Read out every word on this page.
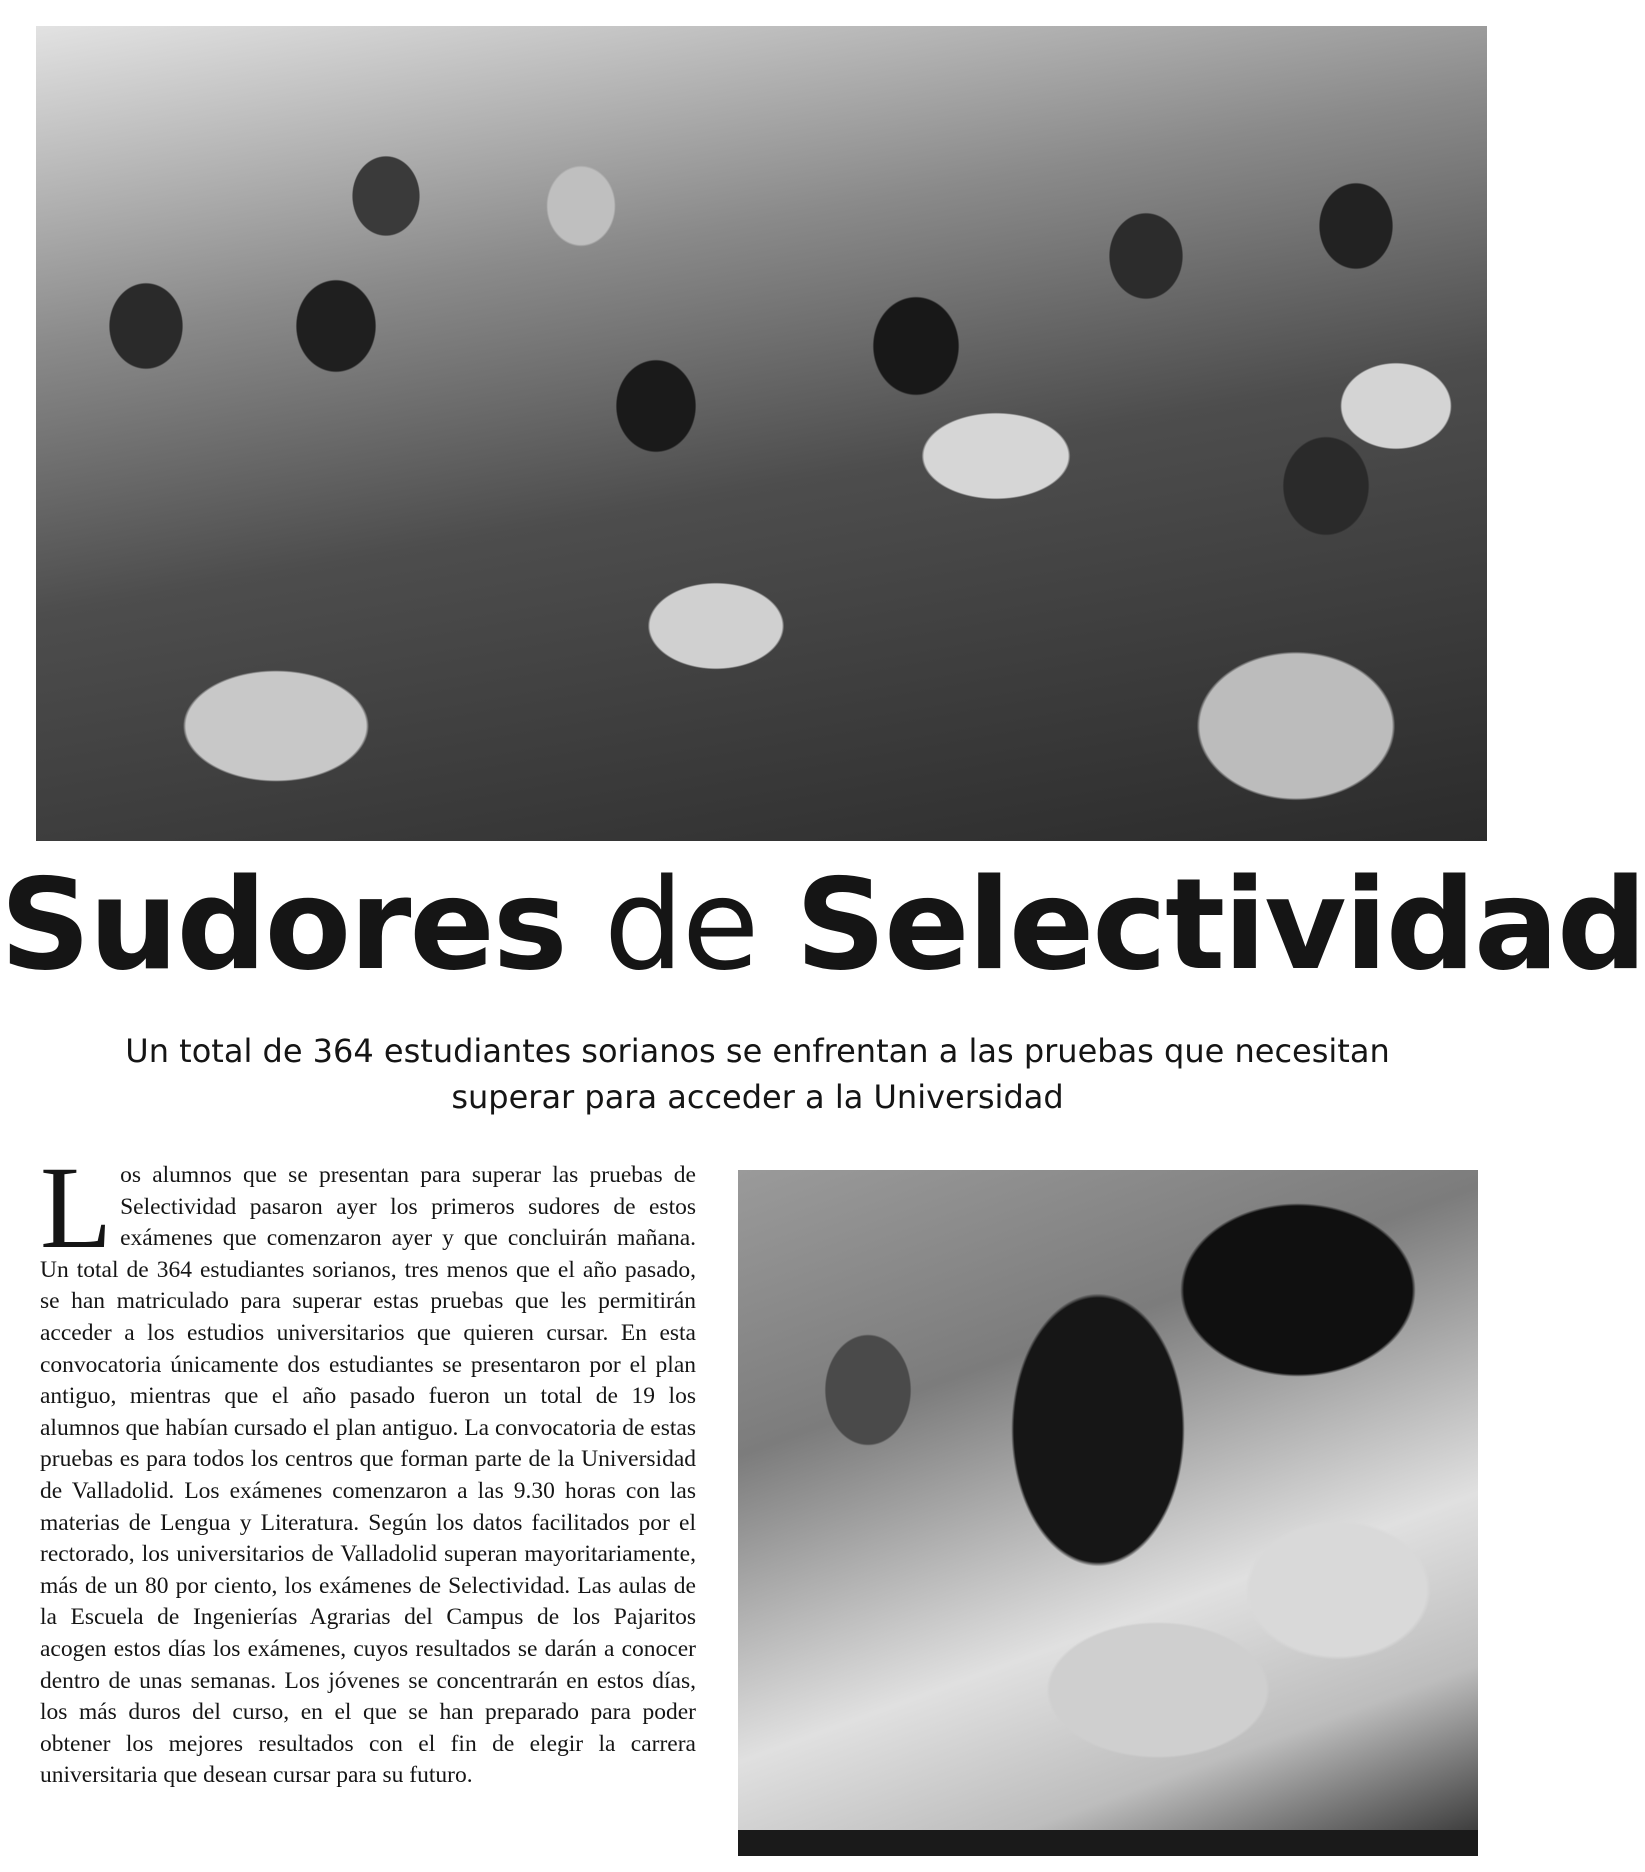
Sudores de Selectividad
Un total de 364 estudiantes sorianos se enfrentan a las pruebas que necesitan superar para acceder a la Universidad
Los alumnos que se presentan para superar las pruebas de Selectividad pasaron ayer los primeros sudores de estos exámenes que comenzaron ayer y que concluirán mañana. Un total de 364 estudiantes sorianos, tres menos que el año pasado, se han matriculado para superar estas pruebas que les permitirán acceder a los estudios universitarios que quieren cursar. En esta convocatoria únicamente dos estudiantes se presentaron por el plan antiguo, mientras que el año pasado fueron un total de 19 los alumnos que habían cursado el plan antiguo. La convocatoria de estas pruebas es para todos los centros que forman parte de la Universidad de Valladolid. Los exámenes comenzaron a las 9.30 horas con las materias de Lengua y Literatura. Según los datos facilitados por el rectorado, los universitarios de Valladolid superan mayoritariamente, más de un 80 por ciento, los exámenes de Selectividad. Las aulas de la Escuela de Ingenierías Agrarias del Campus de los Pajaritos acogen estos días los exámenes, cuyos resultados se darán a conocer dentro de unas semanas. Los jóvenes se concentrarán en estos días, los más duros del curso, en el que se han preparado para poder obtener los mejores resultados con el fin de elegir la carrera universitaria que desean cursar para su futuro.
